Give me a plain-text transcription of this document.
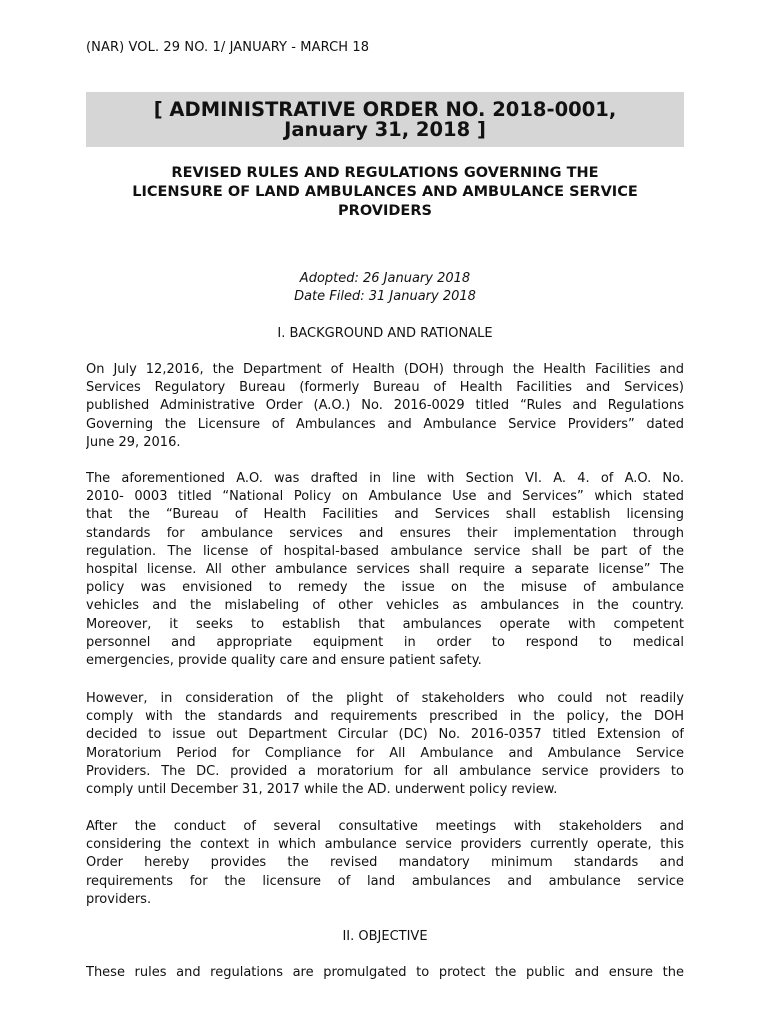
(NAR) VOL. 29 NO. 1/ JANUARY - MARCH 18
[ ADMINISTRATIVE ORDER NO. 2018-0001,
January 31, 2018 ]
REVISED RULES AND REGULATIONS GOVERNING THE
LICENSURE OF LAND AMBULANCES AND AMBULANCE SERVICE
PROVIDERS
Adopted: 26 January 2018
Date Filed: 31 January 2018
I. BACKGROUND AND RATIONALE
On July 12,2016, the Department of Health (DOH) through the Health Facilities and
Services Regulatory Bureau (formerly Bureau of Health Facilities and Services)
published Administrative Order (A.O.) No. 2016-0029 titled “Rules and Regulations
Governing the Licensure of Ambulances and Ambulance Service Providers” dated
June 29, 2016.
The aforementioned A.O. was drafted in line with Section VI. A. 4. of A.O. No.
2010- 0003 titled “National Policy on Ambulance Use and Services” which stated
that the “Bureau of Health Facilities and Services shall establish licensing
standards for ambulance services and ensures their implementation through
regulation. The license of hospital-based ambulance service shall be part of the
hospital license. All other ambulance services shall require a separate license” The
policy was envisioned to remedy the issue on the misuse of ambulance
vehicles and the mislabeling of other vehicles as ambulances in the country.
Moreover, it seeks to establish that ambulances operate with competent
personnel and appropriate equipment in order to respond to medical
emergencies, provide quality care and ensure patient safety.
However, in consideration of the plight of stakeholders who could not readily
comply with the standards and requirements prescribed in the policy, the DOH
decided to issue out Department Circular (DC) No. 2016-0357 titled Extension of
Moratorium Period for Compliance for All Ambulance and Ambulance Service
Providers. The DC. provided a moratorium for all ambulance service providers to
comply until December 31, 2017 while the AD. underwent policy review.
After the conduct of several consultative meetings with stakeholders and
considering the context in which ambulance service providers currently operate, this
Order hereby provides the revised mandatory minimum standards and
requirements for the licensure of land ambulances and ambulance service
providers.
II. OBJECTIVE
These rules and regulations are promulgated to protect the public and ensure the
